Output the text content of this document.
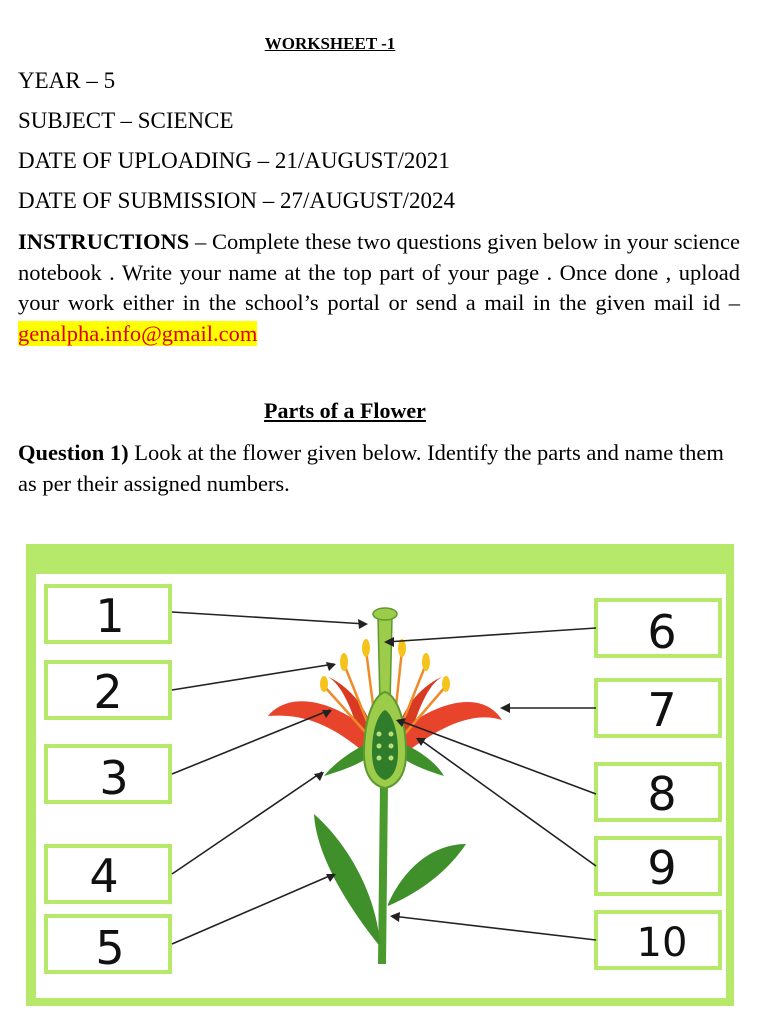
WORKSHEET -1
YEAR – 5
SUBJECT – SCIENCE
DATE OF UPLOADING – 21/AUGUST/2021
DATE OF SUBMISSION – 27/AUGUST/2024
INSTRUCTIONS – Complete these two questions given below in your science notebook . Write your name at the top part of your page . Once done , upload your work either in the school’s portal or send a mail in the given mail id – genalpha.info@gmail.com
Parts of a Flower
Question 1) Look at the flower given below. Identify the parts and name them as per their assigned numbers.
1
2
3
4
5
6
7
8
9
10
